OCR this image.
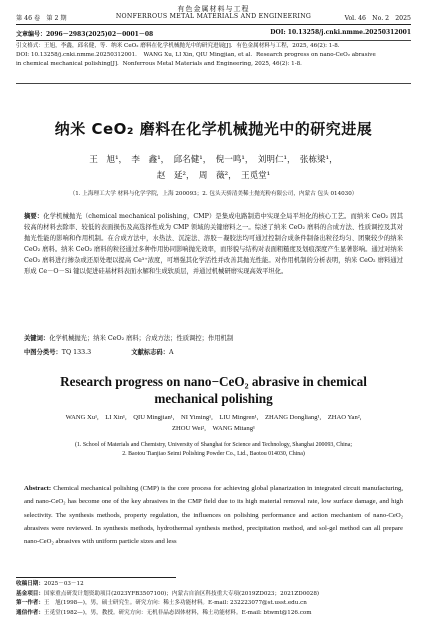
有色金属材料与工程
第 46 卷　第 2 期	NONFERROUS METAL MATERIALS AND ENGINEERING	Vol. 46　No. 2　2025
文章编号：2096－2983(2025)02－0001－08	DOI: 10.13258/j.cnki.nmme.20250312001
引文格式：王旭，李鑫，邱名健，等．纳米 CeO₂ 磨料在化学机械抛光中的研究进展[J]．有色金属材料与工程，2025, 46(2): 1-8．
DOI: 10.13258/j.cnki.nmme.20250312001．　WANG Xu, LI Xin, QIU Mingjian, et al．Research progress on nano-CeO₂ abrasive
in chemical mechanical polishing[J]．Nonferrous Metal Materials and Engineering, 2025, 46(2): 1-8．
纳米 CeO₂ 磨料在化学机械抛光中的研究进展
王　旭¹，　李　鑫¹，　邱名健¹，　倪一鸣¹，　刘明仁¹，　张栋梁¹，
赵　延²，　周　薇²，　王觅堂¹
（1. 上海理工大学 材料与化学学院，上海 200093；2. 包头天骄清美稀土抛光粉有限公司，内蒙古 包头 014030）
摘要：化学机械抛光（chemical mechanical polishing，CMP）是集成电路制造中实现全局平坦化的核心工艺。而纳米 CeO₂ 因其较高的材料去除率、较低的表面损伤及高选择性成为 CMP 领域的关键磨料之一。综述了纳米 CeO₂ 磨料的合成方法、性质调控及其对抛光性能的影响和作用机制。在合成方法中，水热法、沉淀法、溶胶－凝胶法均可通过控制合成条件制备出粒径均匀、团聚较少的纳米 CeO₂ 磨料。纳米 CeO₂ 磨料的粒径通过多种作用协同影响抛光效率，而形貌与结构对表面粗糙度及划痕深度产生显著影响。通过对纳米 CeO₂ 磨料进行掺杂或还原处理以提高 Ce³⁺浓度，可增强其化学活性并改善其抛光性能。对作用机制的分析表明，纳米 CeO₂ 磨料通过形成 Ce－O－Si 键以促进硅基材料表面水解和生成软质层，并通过机械研磨实现高效平坦化。
关键词：化学机械抛光；纳米 CeO₂ 磨料；合成方法；性质调控；作用机制
中图分类号：TQ 133.3	文献标志码：A
Research progress on nano−CeO₂ abrasive in chemical
mechanical polishing
WANG Xu¹,　LI Xin¹,　QIU Mingjian¹,　NI Yiming¹,　LIU Mingren¹,　ZHANG Dongliang¹,　ZHAO Yan²,
ZHOU Wei²,　WANG Mitang¹
(1. School of Materials and Chemistry, University of Shanghai for Science and Technology, Shanghai 200093, China;
2. Baotou Tianjiao Seimi Polishing Powder Co., Ltd., Baotou 014030, China)
Abstract: Chemical mechanical polishing (CMP) is the core process for achieving global planarization in integrated circuit manufacturing, and nano-CeO₂ has become one of the key abrasives in the CMP field due to its high material removal rate, low surface damage, and high selectivity. The synthesis methods, property regulation, the influences on polishing performance and action mechanism of nano-CeO₂ abrasives were reviewed. In synthesis methods, hydrothermal synthesis method, precipitation method, and sol-gel method can all prepare nano-CeO₂ abrasives with uniform particle sizes and less
收稿日期：2025－03－12
基金项目：国家重点研发计划资助项目(2023YFB3507100)；内蒙古自治区科技重大专项(2019ZD023；2021ZD0028)
第一作者：王　旭(1998—)，男，硕士研究生。研究方向：稀土多功能材料。E-mail: 232223077@st.usst.edu.cn
通信作者：王觅堂(1982—)，男，教授。研究方向：无机非晶态固体材料，稀土功能材料。E-mail: btwmt@126.com
